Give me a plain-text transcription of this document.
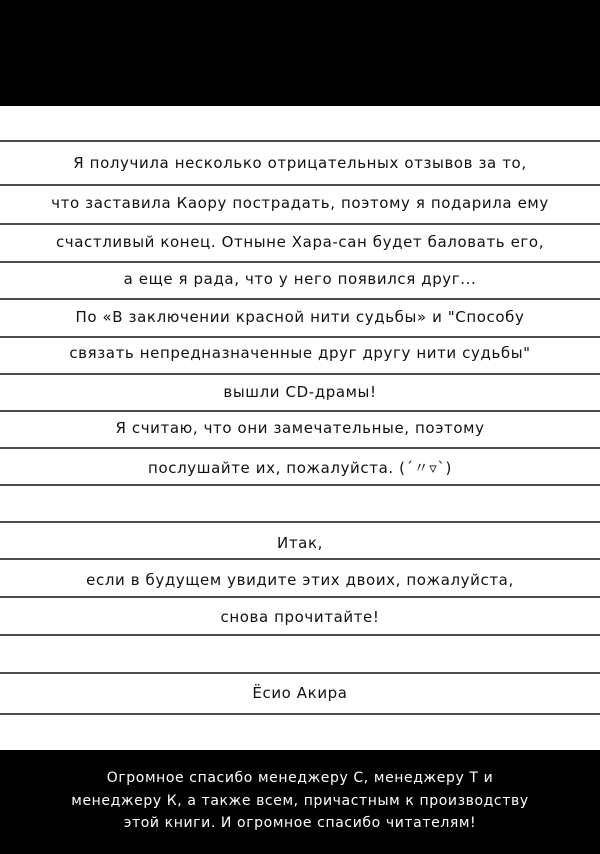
Я получила несколько отрицательных отзывов за то,
что заставила Каору пострадать, поэтому я подарила ему
счастливый конец. Отныне Хара-сан будет баловать его,
а еще я рада, что у него появился друг...
По «В заключении красной нити судьбы» и "Способу
связать непредназначенные друг другу нити судьбы"
вышли CD-драмы!
Я считаю, что они замечательные, поэтому
послушайте их, пожалуйста. (´〃▿`)
Итак,
если в будущем увидите этих двоих, пожалуйста,
снова прочитайте!
Ёсио Акира
Огромное спасибо менеджеру С, менеджеру Т и
менеджеру К, а также всем, причастным к производству
этой книги. И огромное спасибо читателям!
